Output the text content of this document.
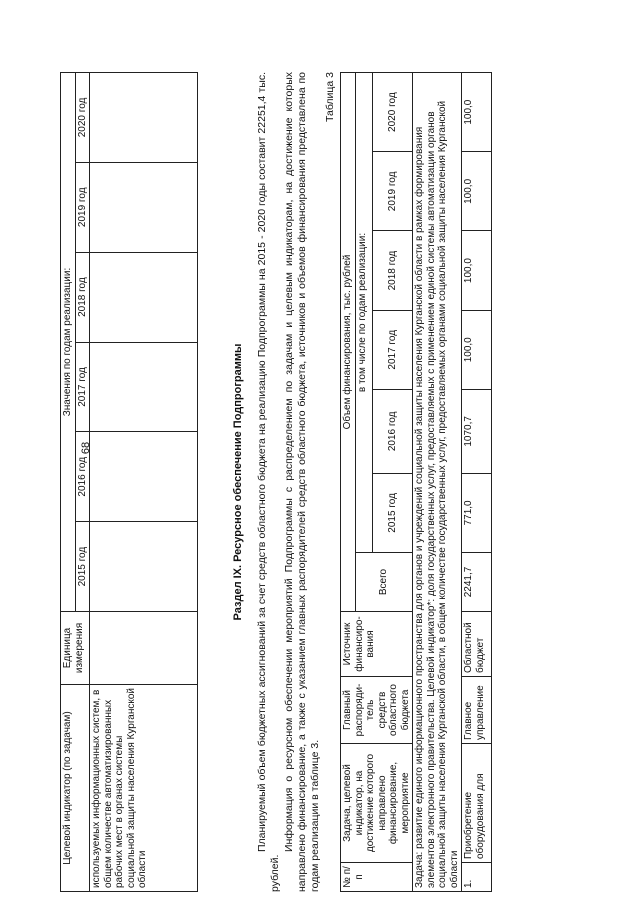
68
Целевой индикатор (по задачам)	Единица измерения	Значения по годам реализации:					
		2015 год	2016 год	2017 год	2018 год	2019 год	2020 год
используемых информационных систем, в общем количестве автоматизированных рабочих мест в органах системы социальной защиты населения Курганской области							
Раздел IX. Ресурсное обеспечение Подпрограммы Планируемый объем бюджетных ассигнований за счет средств областного бюджета на реализацию Подпрограммы на 2015 - 2020 годы составит 22251,4 тыс. рублей.
Информация о ресурсном обеспечении мероприятий Подпрограммы с распределением по задачам и целевым индикаторам, на достижение которых направлено финансирование, а также с указанием главных распорядителей средств областного бюджета, источников и объемов финансирования представлена по годам реализации в таблице 3.
Таблица 3
№ п/ п	Задача, целевой индикатор, на достижение которого направлено финансирование, мероприятие	Главный распоряди-тель средств областного бюджета	Источник финансиро-вания	Объем финансирования, тыс. рублей						
				Всего	в том числе по годам реализации:					
					2015 год	2016 год	2017 год	2018 год	2019 год	2020 год
Задача: развитие единого информационного пространства для органов и учреждений социальной защиты населения Курганской области в рамках формирования элементов электронного правительства. Целевой индикатор*: доля государственных услуг, предоставляемых с применением единой системы автоматизации органов социальной защиты населения Курганской области, в общем количестве государственных услуг, предоставляемых органами социальной защиты населения Курганской области										
1.	Приобретение оборудования для	Главное управление	Областной бюджет	2241,7	771,0	1070,7	100,0	100,0	100,0	100,0
